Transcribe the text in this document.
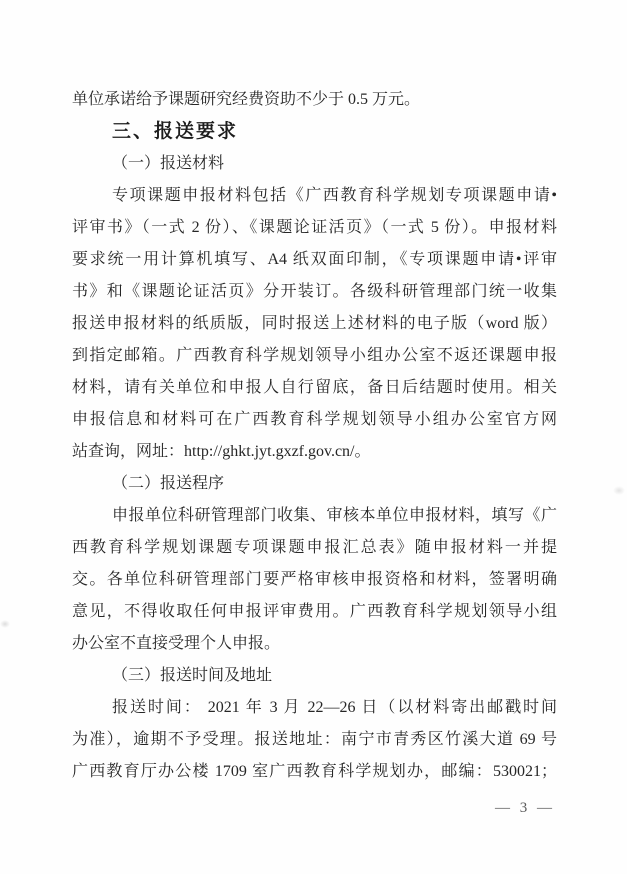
单位承诺给予课题研究经费资助不少于 0.5 万元。
三、报送要求
（一）报送材料
专项课题申报材料包括《广西教育科学规划专项课题申请•
评审书》（一式 2 份）、《课题论证活页》（一式 5 份）。申报材料
要求统一用计算机填写、A4 纸双面印制，《专项课题申请•评审
书》和《课题论证活页》分开装订。各级科研管理部门统一收集
报送申报材料的纸质版，同时报送上述材料的电子版（word 版）
到指定邮箱。广西教育科学规划领导小组办公室不返还课题申报
材料，请有关单位和申报人自行留底，备日后结题时使用。相关
申报信息和材料可在广西教育科学规划领导小组办公室官方网
站查询，网址：http://ghkt.jyt.gxzf.gov.cn/。
（二）报送程序
申报单位科研管理部门收集、审核本单位申报材料，填写《广
西教育科学规划课题专项课题申报汇总表》随申报材料一并提
交。各单位科研管理部门要严格审核申报资格和材料，签署明确
意见，不得收取任何申报评审费用。广西教育科学规划领导小组
办公室不直接受理个人申报。
（三）报送时间及地址
报送时间： 2021 年 3 月 22—26 日（以材料寄出邮戳时间
为准），逾期不予受理。报送地址：南宁市青秀区竹溪大道 69 号
广西教育厅办公楼 1709 室广西教育科学规划办，邮编：530021；
— 3 —
